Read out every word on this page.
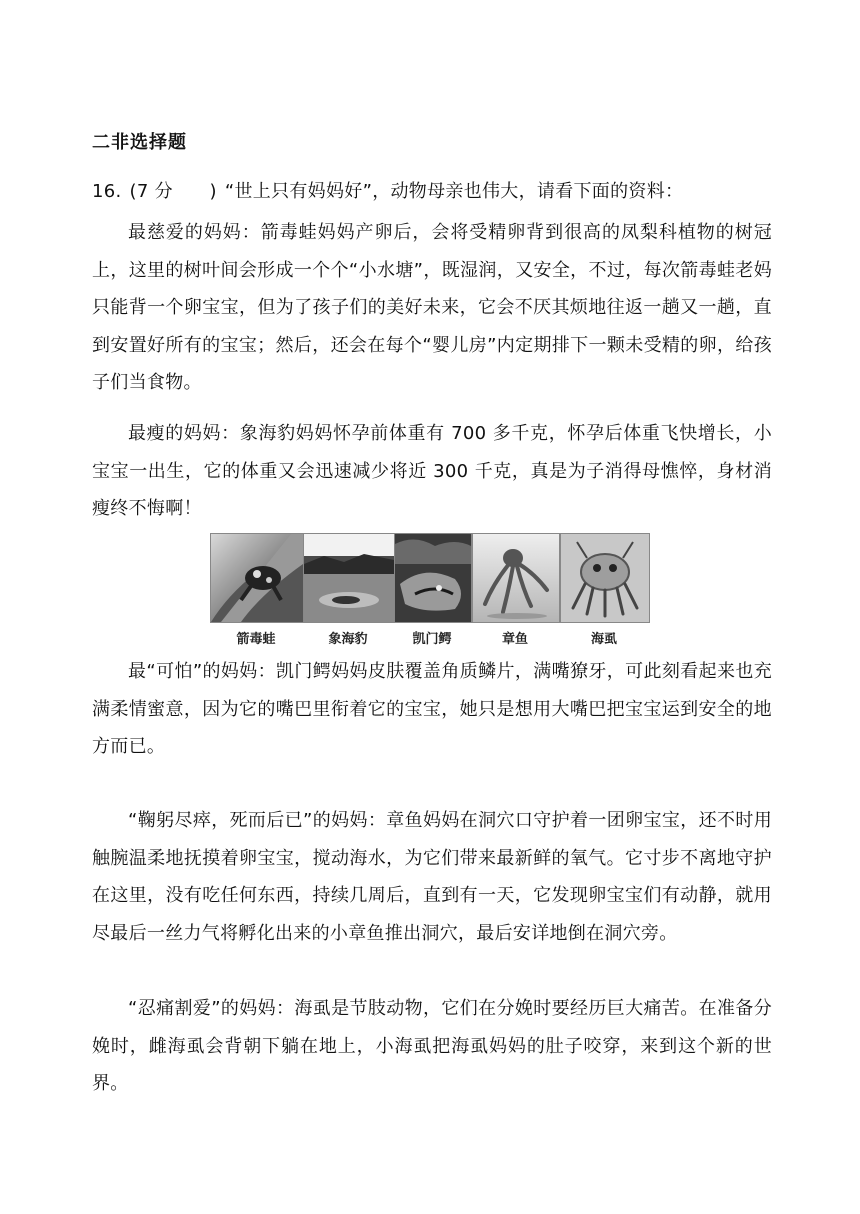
二非选择题
16. (7 分　　) “世上只有妈妈好”，动物母亲也伟大，请看下面的资料：

最慈爱的妈妈：箭毒蛙妈妈产卵后，会将受精卵背到很高的凤梨科植物的树冠上，这里的树叶间会形成一个个“小水塘”，既湿润，又安全，不过，每次箭毒蛙老妈只能背一个卵宝宝，但为了孩子们的美好未来，它会不厌其烦地往返一趟又一趟，直到安置好所有的宝宝；然后，还会在每个“婴儿房”内定期排下一颗未受精的卵，给孩子们当食物。

最瘦的妈妈：象海豹妈妈怀孕前体重有 700 多千克，怀孕后体重飞快增长，小宝宝一出生，它的体重又会迅速减少将近 300 千克，真是为子消得母憔悴，身材消瘦终不悔啊！

箭毒蛙	象海豹	凯门鳄	章鱼	海虱

最“可怕”的妈妈：凯门鳄妈妈皮肤覆盖角质鳞片，满嘴獠牙，可此刻看起来也充满柔情蜜意，因为它的嘴巴里衔着它的宝宝，她只是想用大嘴巴把宝宝运到安全的地方而已。

“鞠躬尽瘁，死而后已”的妈妈：章鱼妈妈在洞穴口守护着一团卵宝宝，还不时用触腕温柔地抚摸着卵宝宝，搅动海水，为它们带来最新鲜的氧气。它寸步不离地守护在这里，没有吃任何东西，持续几周后，直到有一天，它发现卵宝宝们有动静，就用尽最后一丝力气将孵化出来的小章鱼推出洞穴，最后安详地倒在洞穴旁。

“忍痛割爱”的妈妈：海虱是节肢动物，它们在分娩时要经历巨大痛苦。在准备分娩时，雌海虱会背朝下躺在地上，小海虱把海虱妈妈的肚子咬穿，来到这个新的世界。
